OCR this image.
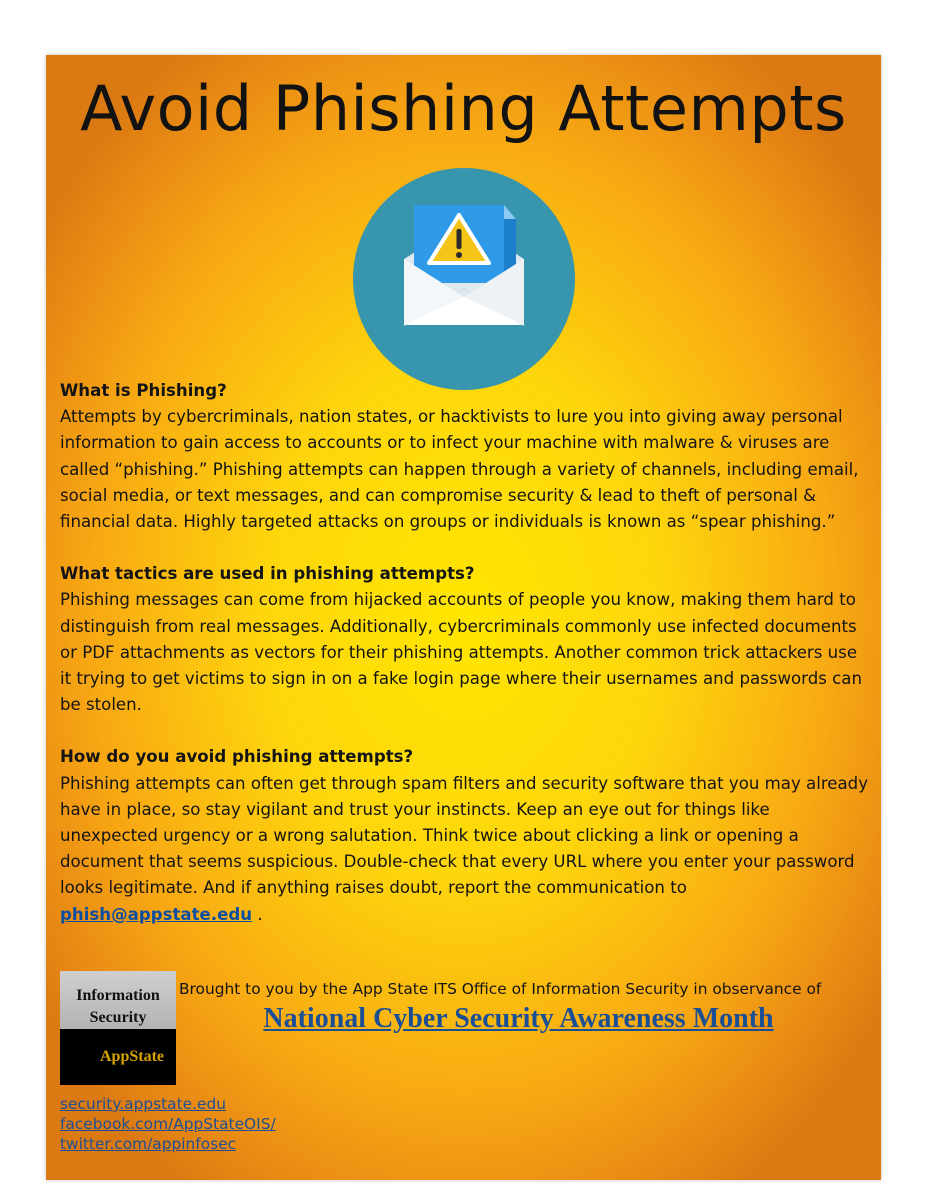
Avoid Phishing Attempts
What is Phishing?
Attempts by cybercriminals, nation states, or hacktivists to lure you into giving away personal information to gain access to accounts or to infect your machine with malware & viruses are called “phishing.” Phishing attempts can happen through a variety of channels, including email, social media, or text messages, and can compromise security & lead to theft of personal & financial data. Highly targeted attacks on groups or individuals is known as “spear phishing.”
What tactics are used in phishing attempts?
Phishing messages can come from hijacked accounts of people you know, making them hard to distinguish from real messages. Additionally, cybercriminals commonly use infected documents or PDF attachments as vectors for their phishing attempts. Another common trick attackers use it trying to get victims to sign in on a fake login page where their usernames and passwords can be stolen.
How do you avoid phishing attempts?
Phishing attempts can often get through spam filters and security software that you may already have in place, so stay vigilant and trust your instincts. Keep an eye out for things like unexpected urgency or a wrong salutation. Think twice about clicking a link or opening a document that seems suspicious. Double-check that every URL where you enter your password looks legitimate. And if anything raises doubt, report the communication to
phish@appstate.edu .
Information
Security
AppState
Brought to you by the App State ITS Office of Information Security in observance of
National Cyber Security Awareness Month
security.appstate.edu
facebook.com/AppStateOIS/
twitter.com/appinfosec
